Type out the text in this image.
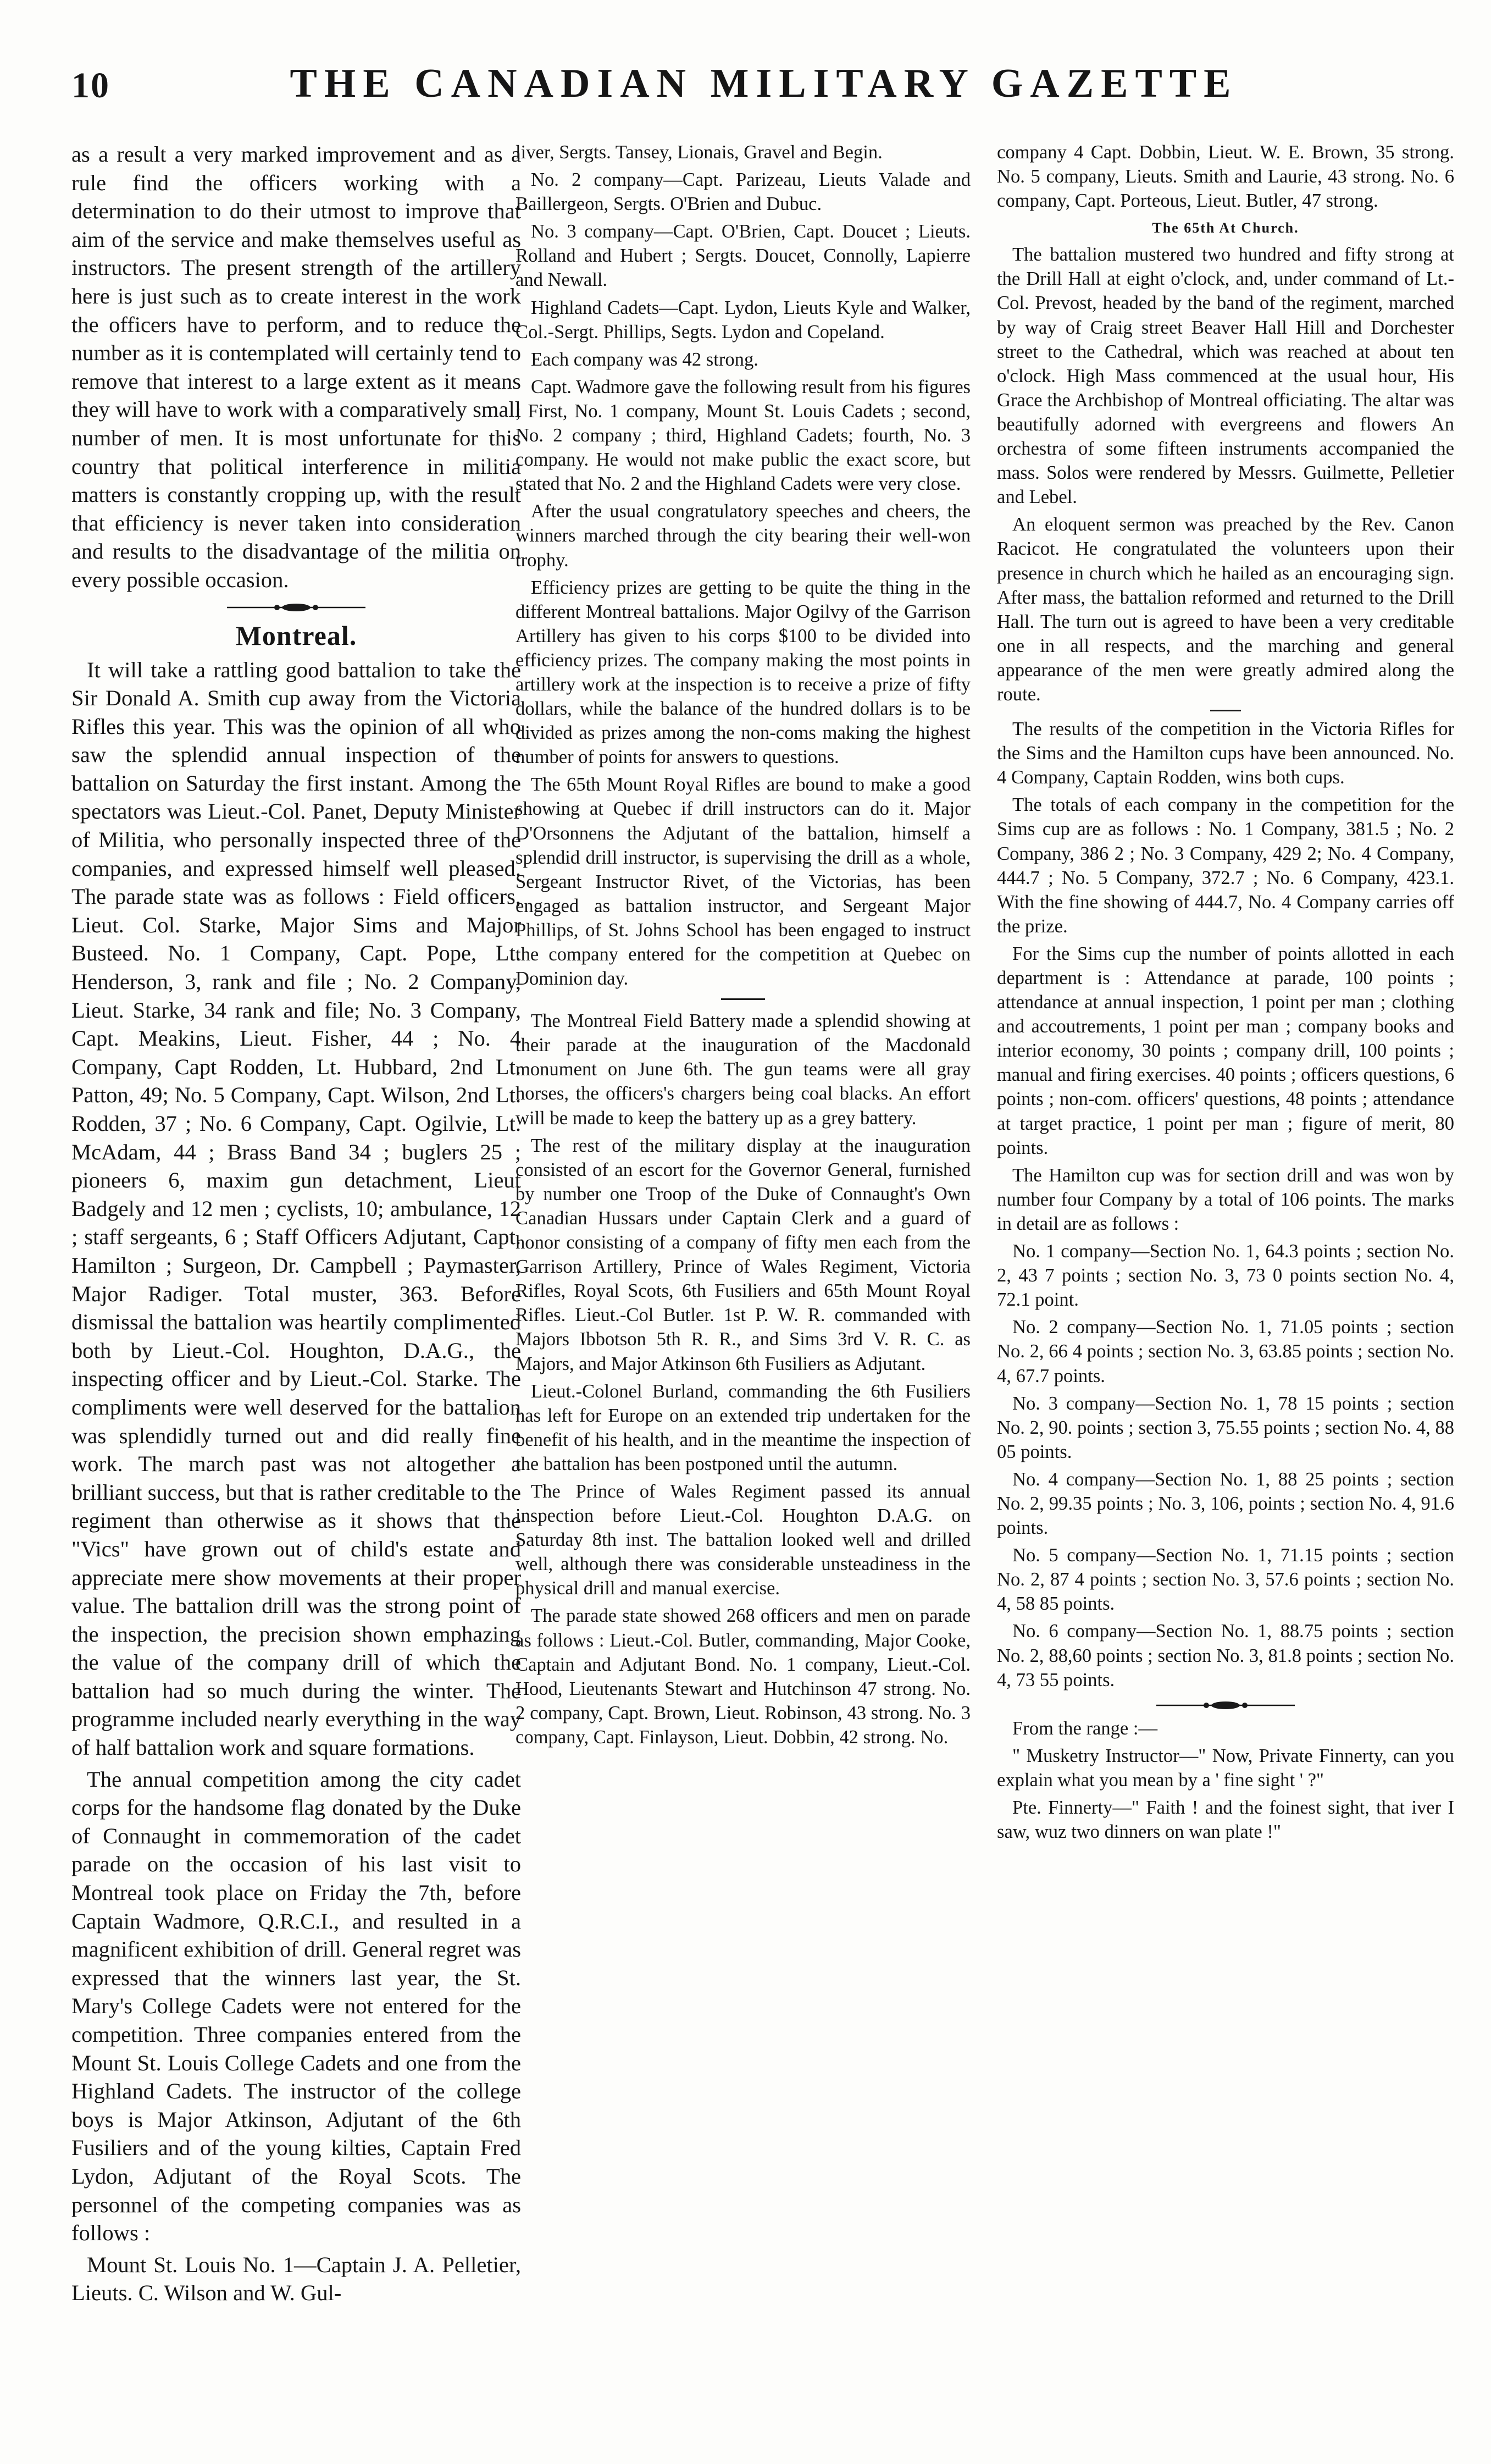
10	THE CANADIAN MILITARY GAZETTE

as a result a very marked improvement and as a rule find the officers working with a determination to do their utmost to improve that aim of the service and make themselves useful as instructors. The present strength of the artillery here is just such as to create interest in the work the officers have to perform, and to reduce the number as it is contemplated will certainly tend to remove that interest to a large extent as it means they will have to work with a comparatively small number of men. It is most unfortunate for this country that political interference in militia matters is constantly cropping up, with the result that efficiency is never taken into consideration and results to the disadvantage of the militia on every possible occasion.

Montreal.

It will take a rattling good battalion to take the Sir Donald A. Smith cup away from the Victoria Rifles this year. This was the opinion of all who saw the splendid annual inspection of the battalion on Saturday the first instant. Among the spectators was Lieut.-Col. Panet, Deputy Minister of Militia, who personally inspected three of the companies, and expressed himself well pleased. The parade state was as follows : Field officers, Lieut. Col. Starke, Major Sims and Major Busteed. No. 1 Company, Capt. Pope, Lt. Henderson, 3, rank and file ; No. 2 Company, Lieut. Starke, 34 rank and file; No. 3 Company, Capt. Meakins, Lieut. Fisher, 44 ; No. 4 Company, Capt Rodden, Lt. Hubbard, 2nd Lt. Patton, 49; No. 5 Company, Capt. Wilson, 2nd Lt. Rodden, 37 ; No. 6 Company, Capt. Ogilvie, Lt. McAdam, 44 ; Brass Band 34 ; buglers 25 ; pioneers 6, maxim gun detachment, Lieut Badgely and 12 men ; cyclists, 10; ambulance, 12 ; staff sergeants, 6 ; Staff Officers Adjutant, Capt. Hamilton ; Surgeon, Dr. Campbell ; Paymaster, Major Radiger. Total muster, 363. Before dismissal the battalion was heartily complimented both by Lieut.-Col. Houghton, D.A.G., the inspecting officer and by Lieut.-Col. Starke. The compliments were well deserved for the battalion was splendidly turned out and did really fine work. The march past was not altogether a brilliant success, but that is rather creditable to the regiment than otherwise as it shows that the "Vics" have grown out of child's estate and appreciate mere show movements at their proper value. The battalion drill was the strong point of the inspection, the precision shown emphazing the value of the company drill of which the battalion had so much during the winter. The programme included nearly everything in the way of half battalion work and square formations.

The annual competition among the city cadet corps for the handsome flag donated by the Duke of Connaught in commemoration of the cadet parade on the occasion of his last visit to Montreal took place on Friday the 7th, before Captain Wadmore, Q.R.C.I., and resulted in a magnificent exhibition of drill. General regret was expressed that the winners last year, the St. Mary's College Cadets were not entered for the competition. Three companies entered from the Mount St. Louis College Cadets and one from the Highland Cadets. The instructor of the college boys is Major Atkinson, Adjutant of the 6th Fusiliers and of the young kilties, Captain Fred Lydon, Adjutant of the Royal Scots. The personnel of the competing companies was as follows :

Mount St. Louis No. 1—Captain J. A. Pelletier, Lieuts. C. Wilson and W. Gul-

liver, Sergts. Tansey, Lionais, Gravel and Begin.

No. 2 company—Capt. Parizeau, Lieuts Valade and Baillergeon, Sergts. O'Brien and Dubuc.

No. 3 company—Capt. O'Brien, Capt. Doucet ; Lieuts. Rolland and Hubert ; Sergts. Doucet, Connolly, Lapierre and Newall.

Highland Cadets—Capt. Lydon, Lieuts Kyle and Walker, Col.-Sergt. Phillips, Segts. Lydon and Copeland.

Each company was 42 strong.

Capt. Wadmore gave the following result from his figures ; First, No. 1 company, Mount St. Louis Cadets ; second, No. 2 company ; third, Highland Cadets; fourth, No. 3 company. He would not make public the exact score, but stated that No. 2 and the Highland Cadets were very close.

After the usual congratulatory speeches and cheers, the winners marched through the city bearing their well-won trophy.

Efficiency prizes are getting to be quite the thing in the different Montreal battalions. Major Ogilvy of the Garrison Artillery has given to his corps $100 to be divided into efficiency prizes. The company making the most points in artillery work at the inspection is to receive a prize of fifty dollars, while the balance of the hundred dollars is to be divided as prizes among the non-coms making the highest number of points for answers to questions.

The 65th Mount Royal Rifles are bound to make a good showing at Quebec if drill instructors can do it. Major D'Orsonnens the Adjutant of the battalion, himself a splendid drill instructor, is supervising the drill as a whole, Sergeant Instructor Rivet, of the Victorias, has been engaged as battalion instructor, and Sergeant Major Phillips, of St. Johns School has been engaged to instruct the company entered for the competition at Quebec on Dominion day.

The Montreal Field Battery made a splendid showing at their parade at the inauguration of the Macdonald monument on June 6th. The gun teams were all gray horses, the officers's chargers being coal blacks. An effort will be made to keep the battery up as a grey battery.

The rest of the military display at the inauguration consisted of an escort for the Governor General, furnished by number one Troop of the Duke of Connaught's Own Canadian Hussars under Captain Clerk and a guard of honor consisting of a company of fifty men each from the Garrison Artillery, Prince of Wales Regiment, Victoria Rifles, Royal Scots, 6th Fusiliers and 65th Mount Royal Rifles. Lieut.-Col Butler. 1st P. W. R. commanded with Majors Ibbotson 5th R. R., and Sims 3rd V. R. C. as Majors, and Major Atkinson 6th Fusiliers as Adjutant.

Lieut.-Colonel Burland, commanding the 6th Fusiliers has left for Europe on an extended trip undertaken for the benefit of his health, and in the meantime the inspection of the battalion has been postponed until the autumn.

The Prince of Wales Regiment passed its annual inspection before Lieut.-Col. Houghton D.A.G. on Saturday 8th inst. The battalion looked well and drilled well, although there was considerable unsteadiness in the physical drill and manual exercise.

The parade state showed 268 officers and men on parade as follows : Lieut.-Col. Butler, commanding, Major Cooke, Captain and Adjutant Bond. No. 1 company, Lieut.-Col. Hood, Lieutenants Stewart and Hutchinson 47 strong. No. 2 company, Capt. Brown, Lieut. Robinson, 43 strong. No. 3 company, Capt. Finlayson, Lieut. Dobbin, 42 strong. No.

company 4 Capt. Dobbin, Lieut. W. E. Brown, 35 strong. No. 5 company, Lieuts. Smith and Laurie, 43 strong. No. 6 company, Capt. Porteous, Lieut. Butler, 47 strong.

The 65th At Church.

The battalion mustered two hundred and fifty strong at the Drill Hall at eight o'clock, and, under command of Lt.-Col. Prevost, headed by the band of the regiment, marched by way of Craig street Beaver Hall Hill and Dorchester street to the Cathedral, which was reached at about ten o'clock. High Mass commenced at the usual hour, His Grace the Archbishop of Montreal officiating. The altar was beautifully adorned with evergreens and flowers An orchestra of some fifteen instruments accompanied the mass. Solos were rendered by Messrs. Guilmette, Pelletier and Lebel.

An eloquent sermon was preached by the Rev. Canon Racicot. He congratulated the volunteers upon their presence in church which he hailed as an encouraging sign. After mass, the battalion reformed and returned to the Drill Hall. The turn out is agreed to have been a very creditable one in all respects, and the marching and general appearance of the men were greatly admired along the route.

The results of the competition in the Victoria Rifles for the Sims and the Hamilton cups have been announced. No. 4 Company, Captain Rodden, wins both cups.

The totals of each company in the competition for the Sims cup are as follows : No. 1 Company, 381.5 ; No. 2 Company, 386 2 ; No. 3 Company, 429 2; No. 4 Company, 444.7 ; No. 5 Company, 372.7 ; No. 6 Company, 423.1. With the fine showing of 444.7, No. 4 Company carries off the prize.

For the Sims cup the number of points allotted in each department is : Attendance at parade, 100 points ; attendance at annual inspection, 1 point per man ; clothing and accoutrements, 1 point per man ; company books and interior economy, 30 points ; company drill, 100 points ; manual and firing exercises. 40 points ; officers questions, 6 points ; non-com. officers' questions, 48 points ; attendance at target practice, 1 point per man ; figure of merit, 80 points.

The Hamilton cup was for section drill and was won by number four Company by a total of 106 points. The marks in detail are as follows :

No. 1 company—Section No. 1, 64.3 points ; section No. 2, 43 7 points ; section No. 3, 73 0 points section No. 4, 72.1 point.

No. 2 company—Section No. 1, 71.05 points ; section No. 2, 66 4 points ; section No. 3, 63.85 points ; section No. 4, 67.7 points.

No. 3 company—Section No. 1, 78 15 points ; section No. 2, 90. points ; section 3, 75.55 points ; section No. 4, 88 05 points.

No. 4 company—Section No. 1, 88 25 points ; section No. 2, 99.35 points ; No. 3, 106, points ; section No. 4, 91.6 points.

No. 5 company—Section No. 1, 71.15 points ; section No. 2, 87 4 points ; section No. 3, 57.6 points ; section No. 4, 58 85 points.

No. 6 company—Section No. 1, 88.75 points ; section No. 2, 88,60 points ; section No. 3, 81.8 points ; section No. 4, 73 55 points.

From the range :—

" Musketry Instructor—" Now, Private Finnerty, can you explain what you mean by a ' fine sight ' ?"

Pte. Finnerty—" Faith ! and the foinest sight, that iver I saw, wuz two dinners on wan plate !"
